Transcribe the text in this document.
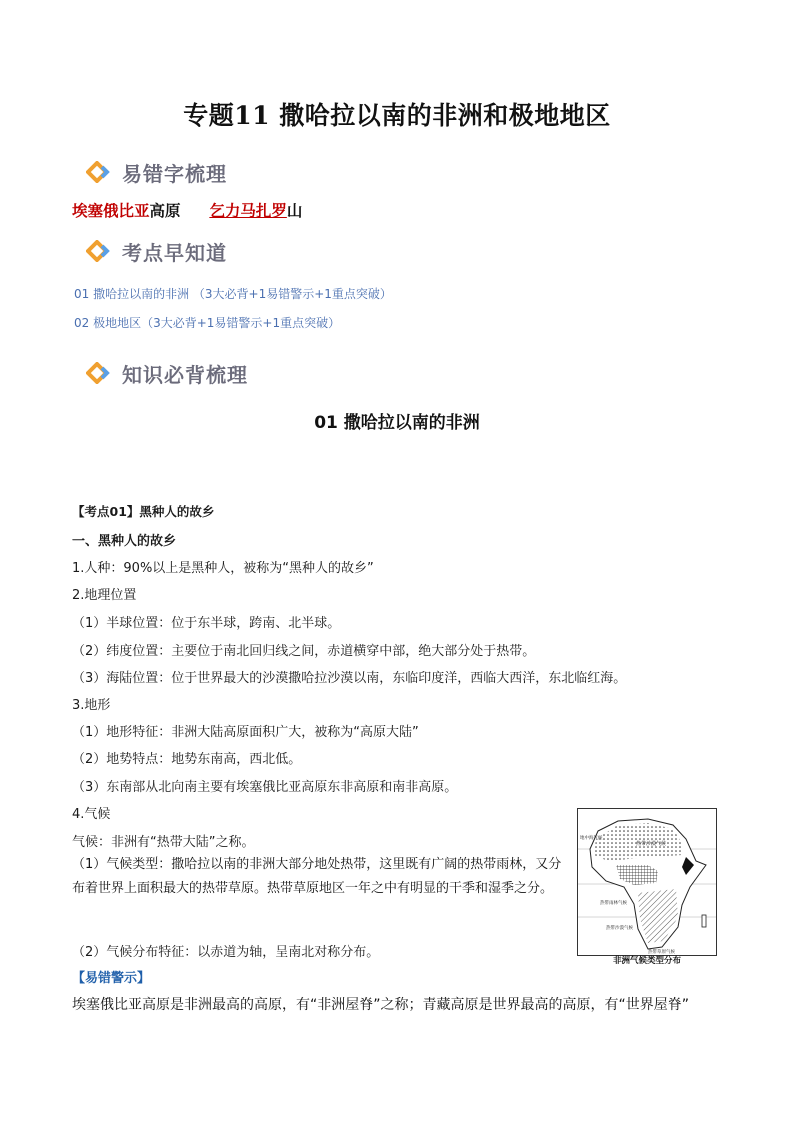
专题11 撒哈拉以南的非洲和极地地区
易错字梳理
埃塞俄比亚高原 乞力马扎罗山
考点早知道
01 撒哈拉以南的非洲 （3大必背+1易错警示+1重点突破）
02 极地地区（3大必背+1易错警示+1重点突破）
知识必背梳理
01 撒哈拉以南的非洲
【考点01】黑种人的故乡
一、黑种人的故乡
1.人种：90%以上是黑种人，被称为“黑种人的故乡”
2.地理位置
（1）半球位置：位于东半球，跨南、北半球。
（2）纬度位置：主要位于南北回归线之间，赤道横穿中部，绝大部分处于热带。
（3）海陆位置：位于世界最大的沙漠撒哈拉沙漠以南，东临印度洋，西临大西洋，东北临红海。
3.地形
（1）地形特征：非洲大陆高原面积广大，被称为“高原大陆”
（2）地势特点：地势东南高，西北低。
（3）东南部从北向南主要有埃塞俄比亚高原东非高原和南非高原。
4.气候
气候：非洲有“热带大陆”之称。
（1）气候类型：撒哈拉以南的非洲大部分地处热带，这里既有广阔的热带雨林，又分布着世界上面积最大的热带草原。热带草原地区一年之中有明显的干季和湿季之分。
（2）气候分布特征：以赤道为轴，呈南北对称分布。
【易错警示】
埃塞俄比亚高原是非洲最高的高原，有“非洲屋脊”之称；青藏高原是世界最高的高原，有“世界屋脊”
热带沙漠气候
地中海气候
热带雨林气候
热带沙漠气候
热带草原气候
非洲气候类型分布
